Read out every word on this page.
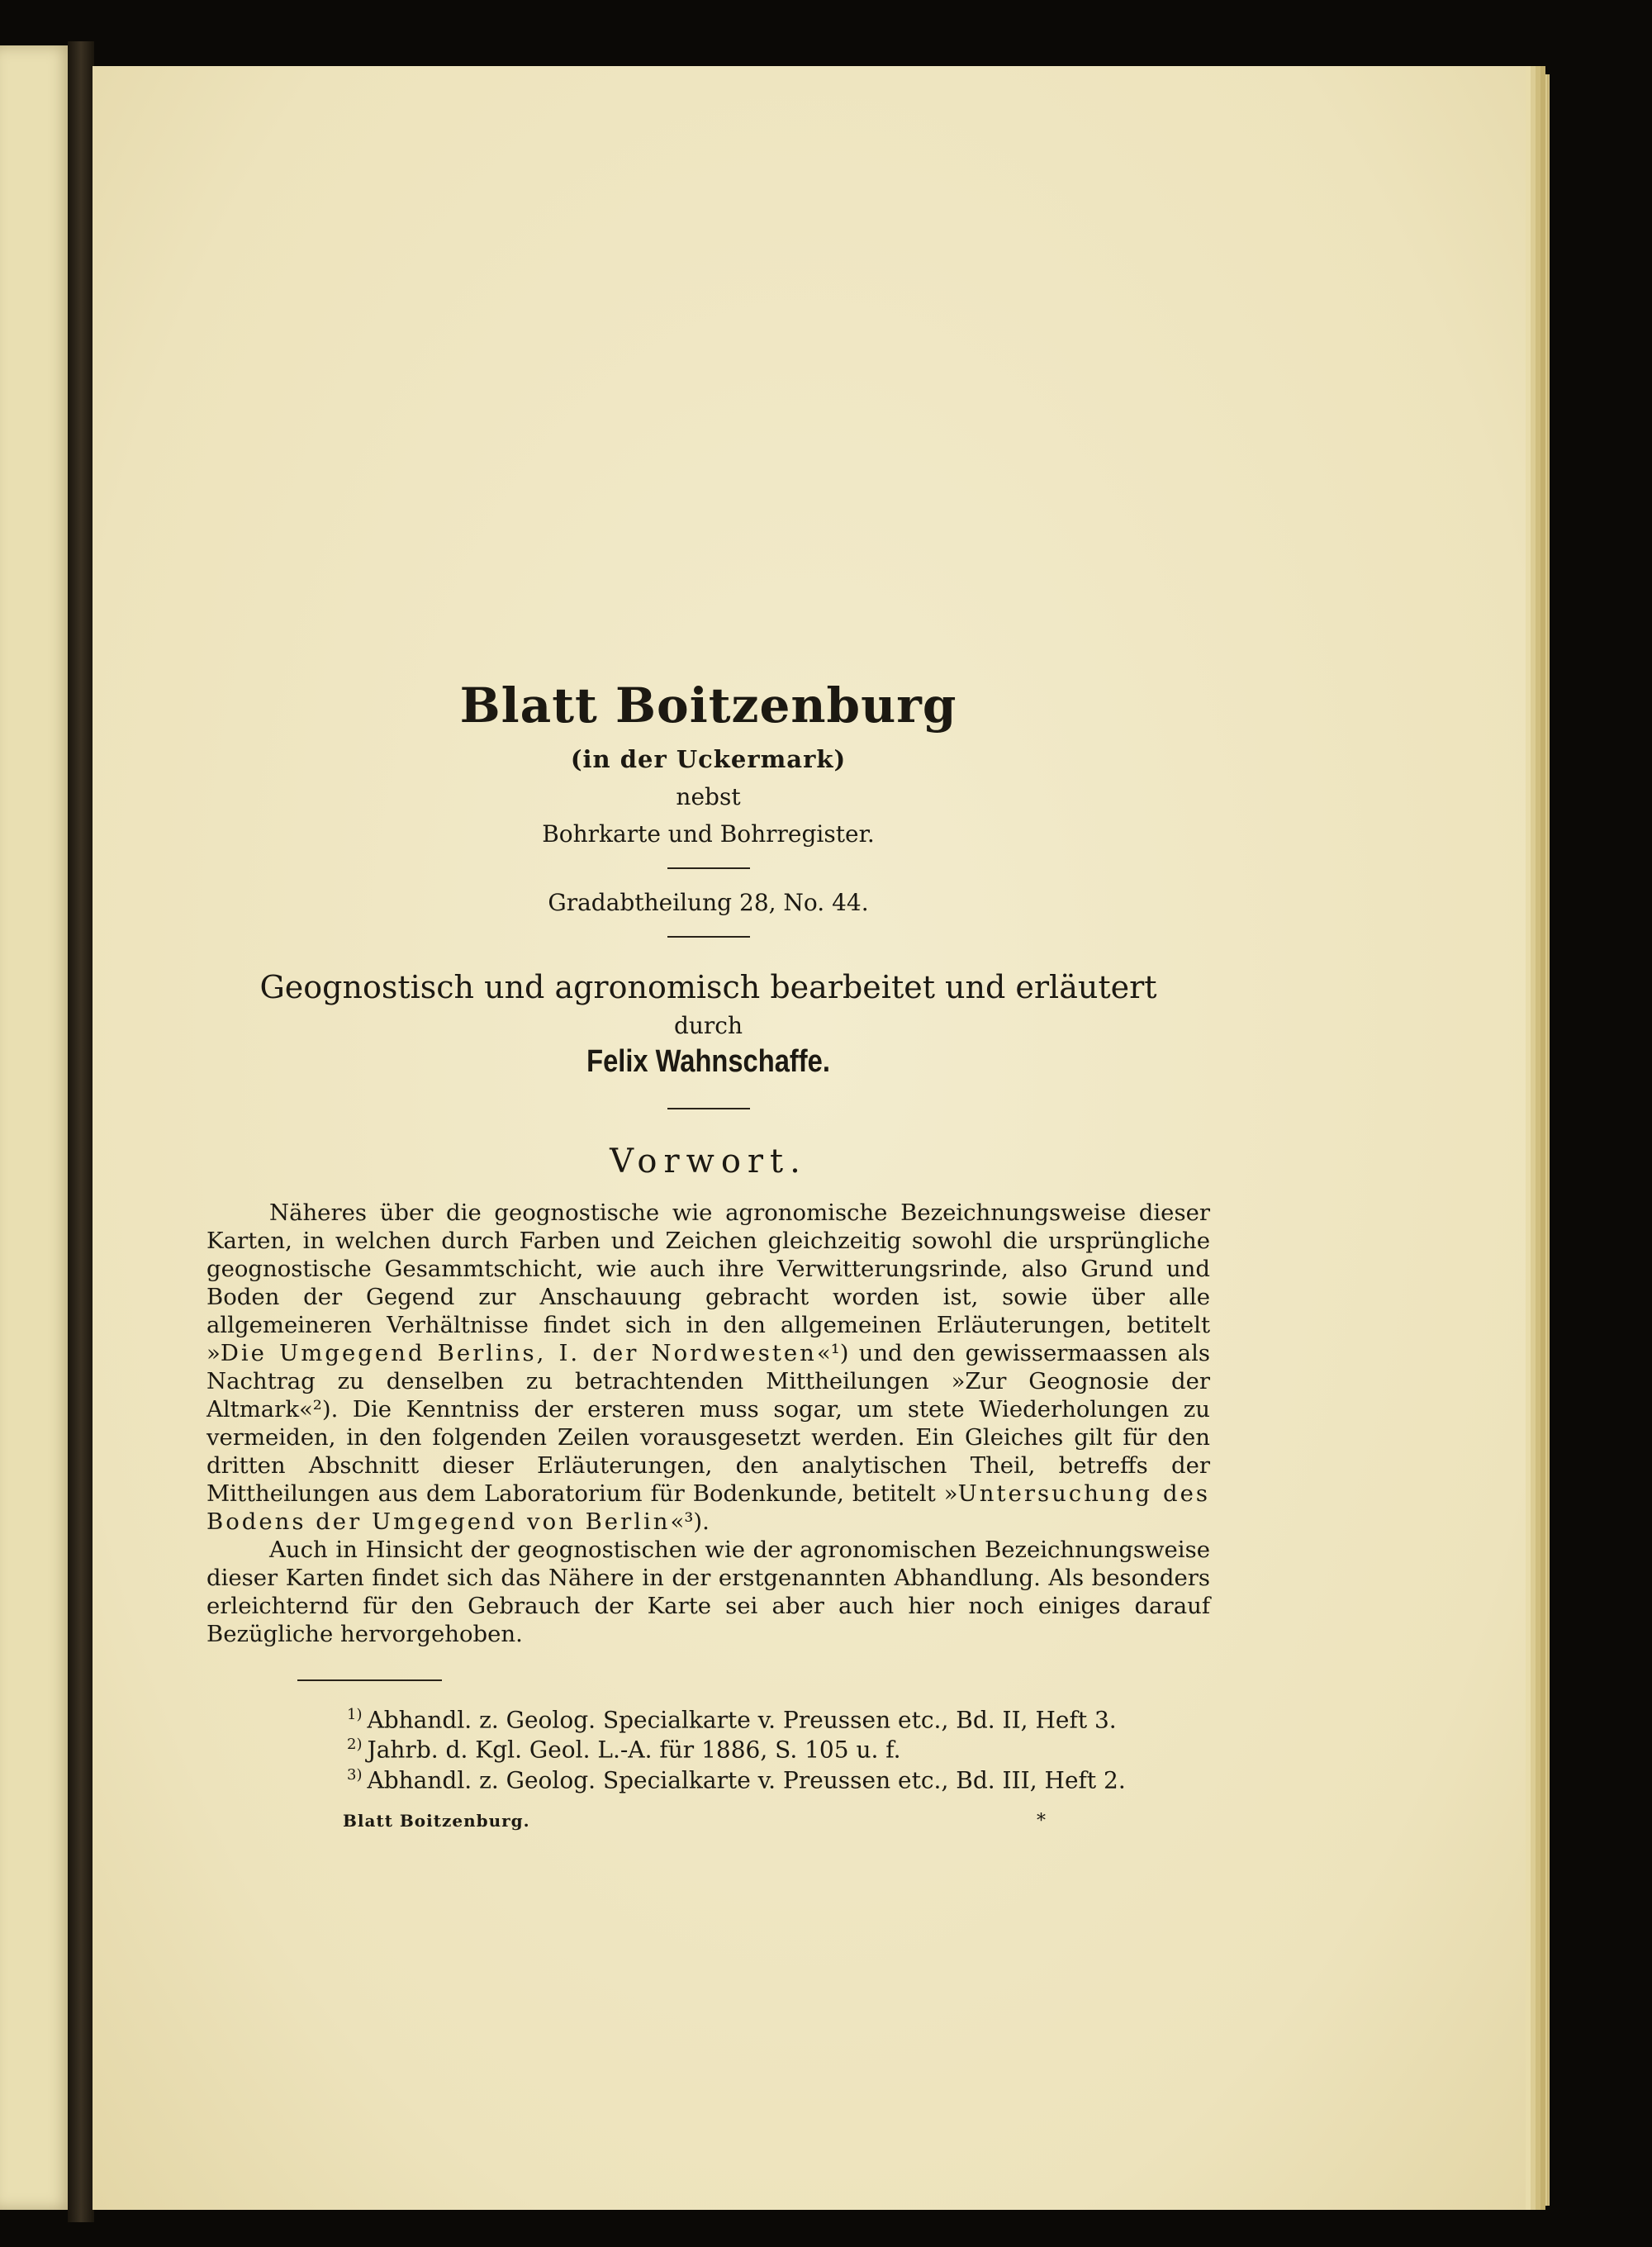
Blatt Boitzenburg
(in der Uckermark)
nebst
Bohrkarte und Bohrregister.
Gradabtheilung 28, No. 44.
Geognostisch und agronomisch bearbeitet und erläutert
durch
Felix Wahnschaffe.
Vorwort.

Näheres über die geognostische wie agronomische Bezeichnungsweise dieser Karten, in welchen durch Farben und Zeichen gleichzeitig sowohl die ursprüngliche geognostische Gesammtschicht, wie auch ihre Verwitterungsrinde, also Grund und Boden der Gegend zur Anschauung gebracht worden ist, sowie über alle allgemeineren Verhältnisse findet sich in den allgemeinen Erläuterungen, betitelt »Die Umgegend Berlins, I. der Nordwesten«¹) und den gewissermaassen als Nachtrag zu denselben zu betrachtenden Mittheilungen »Zur Geognosie der Altmark«²). Die Kenntniss der ersteren muss sogar, um stete Wiederholungen zu vermeiden, in den folgenden Zeilen vorausgesetzt werden. Ein Gleiches gilt für den dritten Abschnitt dieser Erläuterungen, den analytischen Theil, betreffs der Mittheilungen aus dem Laboratorium für Bodenkunde, betitelt »Untersuchung des Bodens der Umgegend von Berlin«³).

Auch in Hinsicht der geognostischen wie der agronomischen Bezeichnungsweise dieser Karten findet sich das Nähere in der erstgenannten Abhandlung. Als besonders erleichternd für den Gebrauch der Karte sei aber auch hier noch einiges darauf Bezügliche hervorgehoben.

$^{1)}$ Abhandl. z. Geolog. Specialkarte v. Preussen etc., Bd. II, Heft 3.
$^{2)}$ Jahrb. d. Kgl. Geol. L.-A. für 1886, S. 105 u. f.
$^{3)}$ Abhandl. z. Geolog. Specialkarte v. Preussen etc., Bd. III, Heft 2.
Blatt Boitzenburg.	*
